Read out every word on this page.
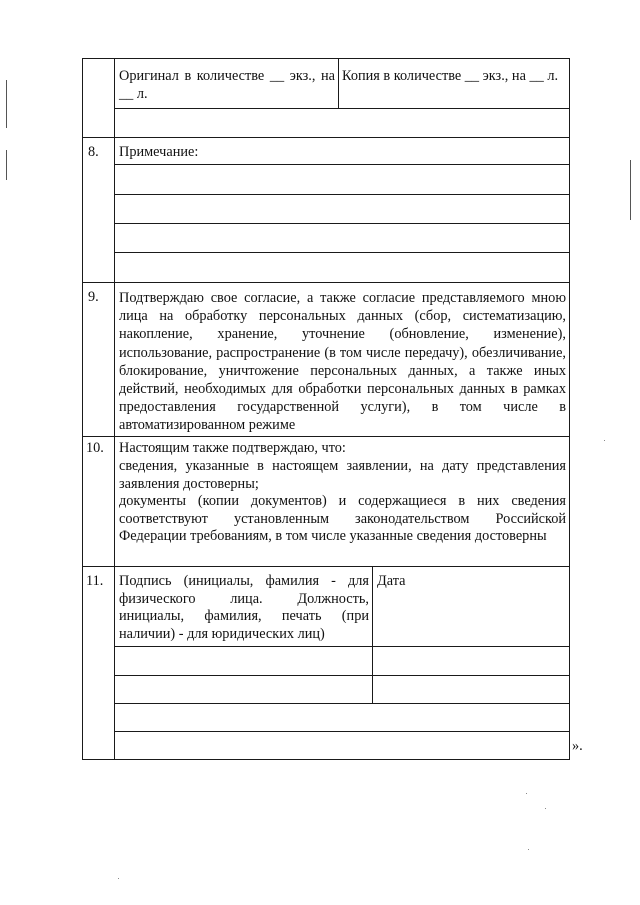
Оригинал в количестве __ экз., на __ л.
Копия в количестве __ экз., на __ л.
8. Примечание:
9. Подтверждаю свое согласие, а также согласие представляемого мною лица на обработку персональных данных (сбор, систематизацию, накопление, хранение, уточнение (обновление, изменение), использование, распространение (в том числе передачу), обезличивание, блокирование, уничтожение персональных данных, а также иных действий, необходимых для обработки персональных данных в рамках предоставления государственной услуги), в том числе в автоматизированном режиме
10. Настоящим также подтверждаю, что:
сведения, указанные в настоящем заявлении, на дату представления заявления достоверны;
документы (копии документов) и содержащиеся в них сведения соответствуют установленным законодательством Российской Федерации требованиям, в том числе указанные сведения достоверны
11. Подпись (инициалы, фамилия - для физического лица. Должность, инициалы, фамилия, печать (при наличии) - для юридических лиц)
Дата
».
